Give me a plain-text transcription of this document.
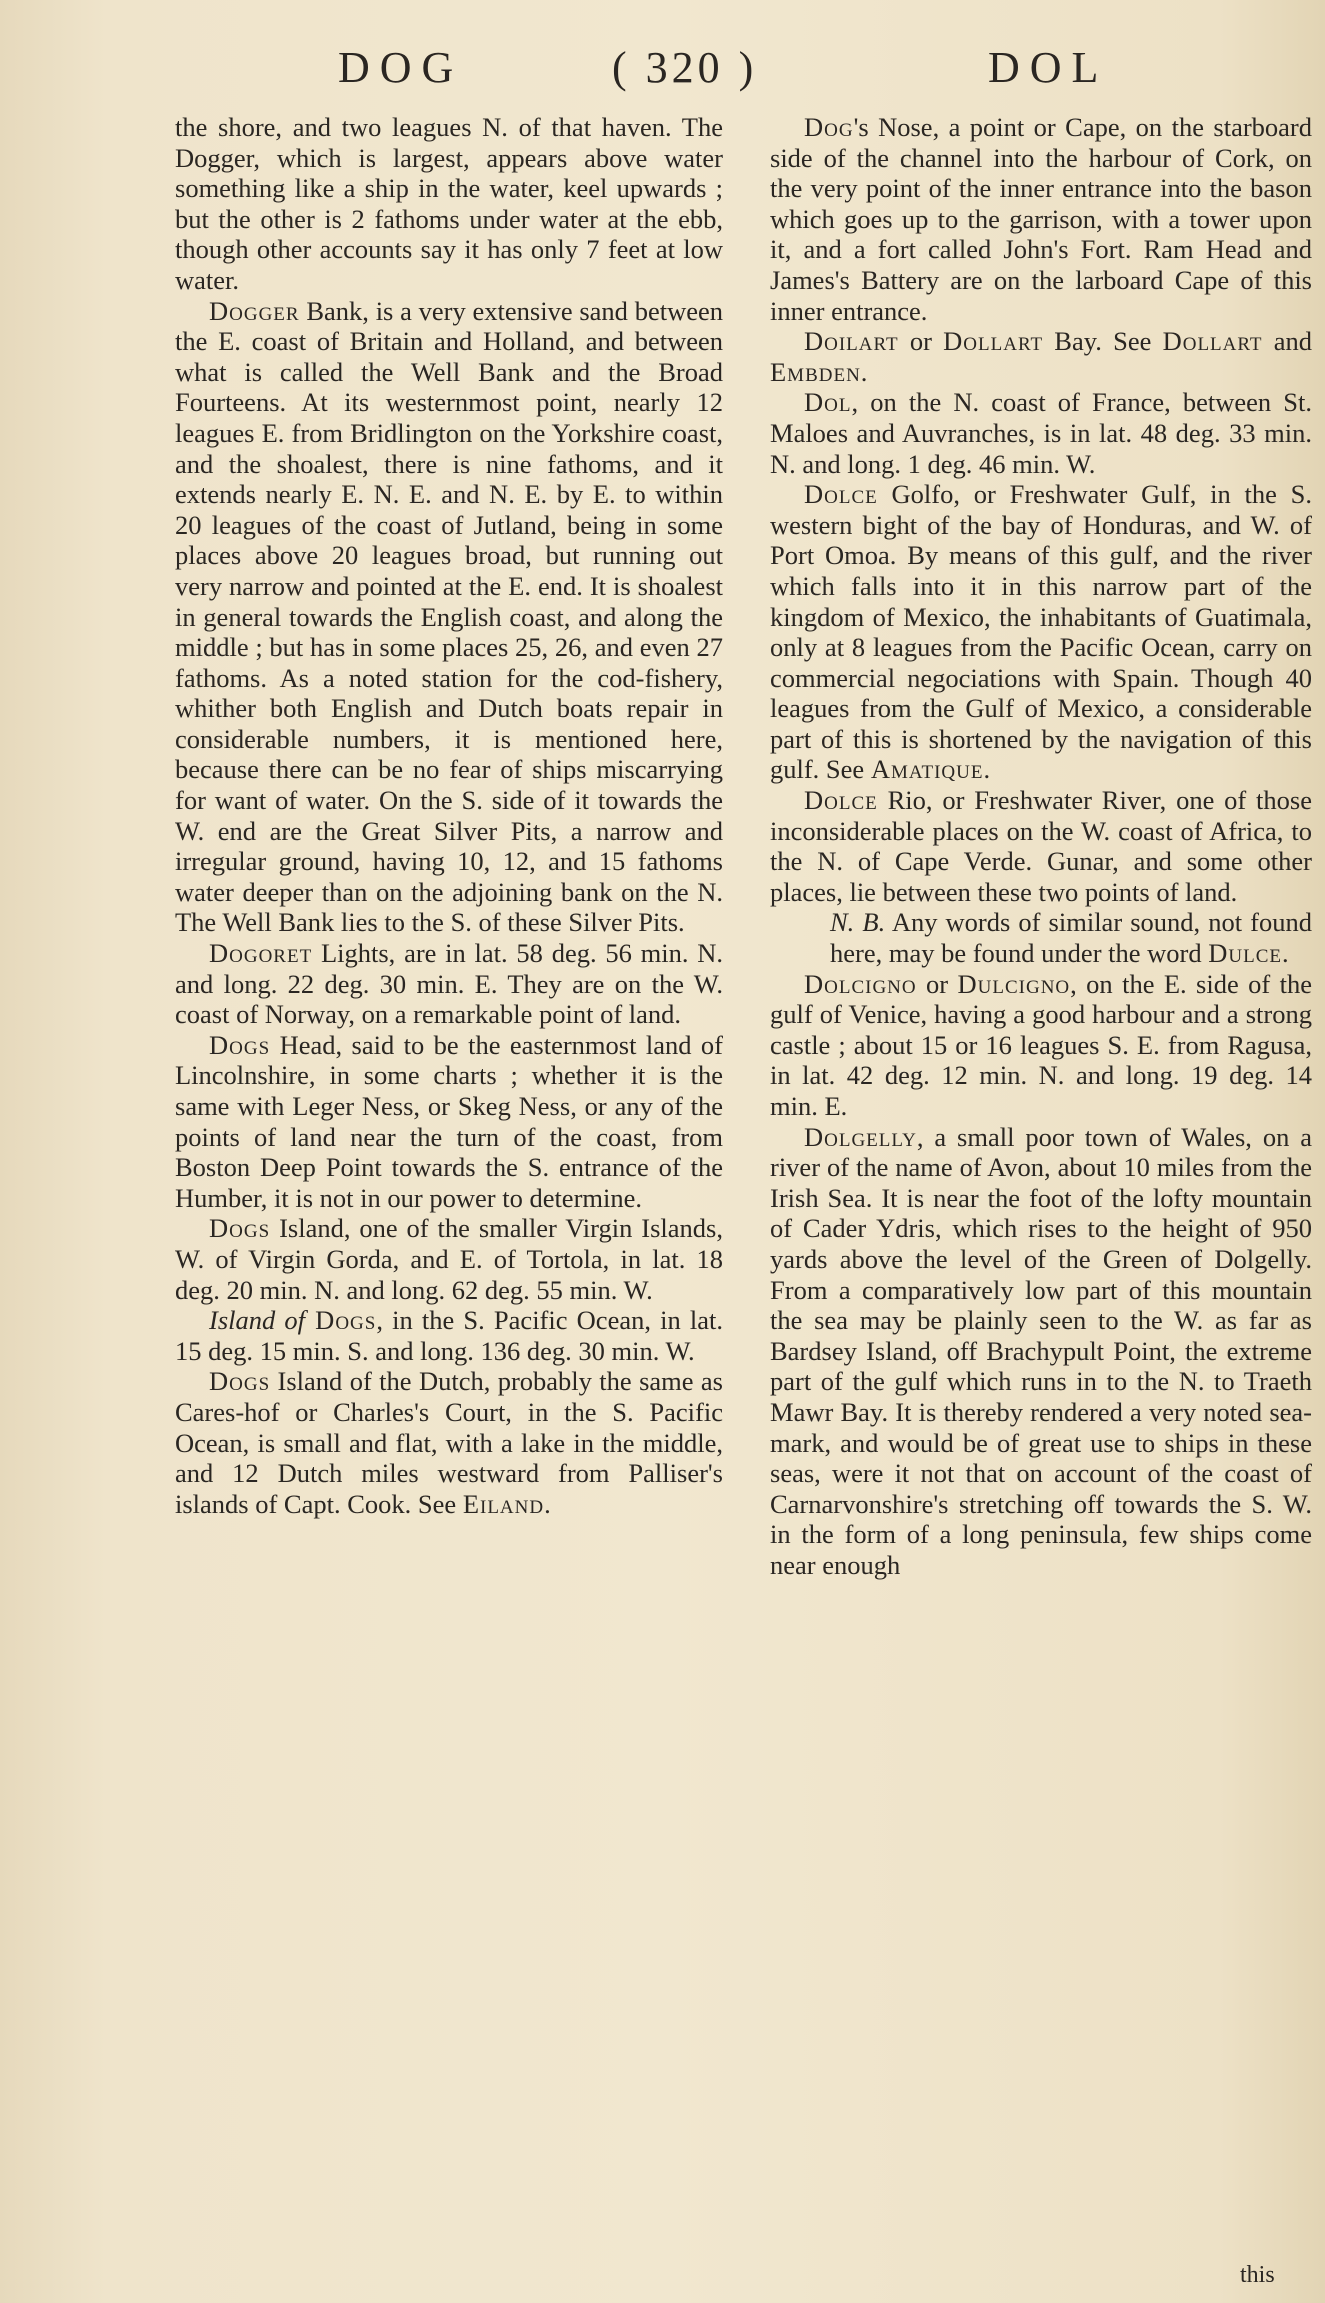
DOG	( 320 )	DOL

the shore, and two leagues N. of that haven. The Dogger, which is largest, appears above water something like a ship in the water, keel upwards ; but the other is 2 fathoms under water at the ebb, though other accounts say it has only 7 feet at low water.

Dogger Bank, is a very extensive sand between the E. coast of Britain and Holland, and between what is called the Well Bank and the Broad Fourteens. At its westernmost point, nearly 12 leagues E. from Bridlington on the Yorkshire coast, and the shoalest, there is nine fathoms, and it extends nearly E. N. E. and N. E. by E. to within 20 leagues of the coast of Jutland, being in some places above 20 leagues broad, but running out very narrow and pointed at the E. end. It is shoalest in general towards the English coast, and along the middle ; but has in some places 25, 26, and even 27 fathoms. As a noted station for the cod-fishery, whither both English and Dutch boats repair in considerable numbers, it is mentioned here, because there can be no fear of ships miscarrying for want of water. On the S. side of it towards the W. end are the Great Silver Pits, a narrow and irregular ground, having 10, 12, and 15 fathoms water deeper than on the adjoining bank on the N. The Well Bank lies to the S. of these Silver Pits.

Dogoret Lights, are in lat. 58 deg. 56 min. N. and long. 22 deg. 30 min. E. They are on the W. coast of Norway, on a remarkable point of land.

Dogs Head, said to be the easternmost land of Lincolnshire, in some charts ; whether it is the same with Leger Ness, or Skeg Ness, or any of the points of land near the turn of the coast, from Boston Deep Point towards the S. entrance of the Humber, it is not in our power to determine.

Dogs Island, one of the smaller Virgin Islands, W. of Virgin Gorda, and E. of Tortola, in lat. 18 deg. 20 min. N. and long. 62 deg. 55 min. W.

Island of Dogs, in the S. Pacific Ocean, in lat. 15 deg. 15 min. S. and long. 136 deg. 30 min. W.

Dogs Island of the Dutch, probably the same as Cares-hof or Charles's Court, in the S. Pacific Ocean, is small and flat, with a lake in the middle, and 12 Dutch miles westward from Palliser's islands of Capt. Cook. See Eiland.

Dog's Nose, a point or Cape, on the starboard side of the channel into the harbour of Cork, on the very point of the inner entrance into the bason which goes up to the garrison, with a tower upon it, and a fort called John's Fort. Ram Head and James's Battery are on the larboard Cape of this inner entrance.

Doilart or Dollart Bay. See Dollart and Embden.

Dol, on the N. coast of France, between St. Maloes and Auvranches, is in lat. 48 deg. 33 min. N. and long. 1 deg. 46 min. W.

Dolce Golfo, or Freshwater Gulf, in the S. western bight of the bay of Honduras, and W. of Port Omoa. By means of this gulf, and the river which falls into it in this narrow part of the kingdom of Mexico, the inhabitants of Guatimala, only at 8 leagues from the Pacific Ocean, carry on commercial negociations with Spain. Though 40 leagues from the Gulf of Mexico, a considerable part of this is shortened by the navigation of this gulf. See Amatique.

Dolce Rio, or Freshwater River, one of those inconsiderable places on the W. coast of Africa, to the N. of Cape Verde. Gunar, and some other places, lie between these two points of land.

N. B. Any words of similar sound, not found here, may be found under the word Dulce.

Dolcigno or Dulcigno, on the E. side of the gulf of Venice, having a good harbour and a strong castle ; about 15 or 16 leagues S. E. from Ragusa, in lat. 42 deg. 12 min. N. and long. 19 deg. 14 min. E.

Dolgelly, a small poor town of Wales, on a river of the name of Avon, about 10 miles from the Irish Sea. It is near the foot of the lofty mountain of Cader Ydris, which rises to the height of 950 yards above the level of the Green of Dolgelly. From a comparatively low part of this mountain the sea may be plainly seen to the W. as far as Bardsey Island, off Brachypult Point, the extreme part of the gulf which runs in to the N. to Traeth Mawr Bay. It is thereby rendered a very noted sea-mark, and would be of great use to ships in these seas, were it not that on account of the coast of Carnarvonshire's stretching off towards the S. W. in the form of a long peninsula, few ships come near enough

this
